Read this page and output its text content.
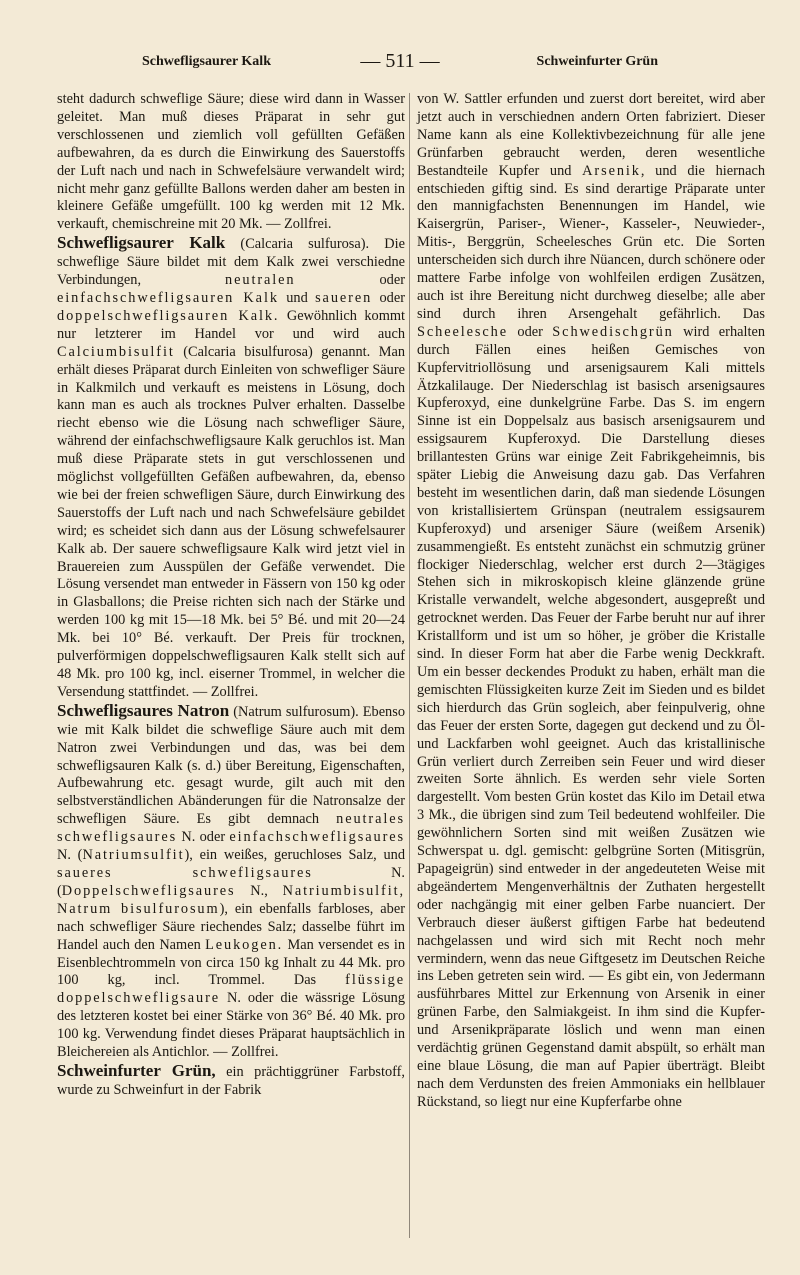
Schwefligsaurer Kalk	— 511 —	Schweinfurter Grün

steht dadurch schweflige Säure; diese wird dann in Wasser geleitet. Man muß dieses Präparat in sehr gut verschlossenen und ziemlich voll gefüllten Gefäßen aufbewahren, da es durch die Einwirkung des Sauerstoffs der Luft nach und nach in Schwefelsäure verwandelt wird; nicht mehr ganz gefüllte Ballons werden daher am besten in kleinere Gefäße umgefüllt. 100 kg werden mit 12 Mk. verkauft, chemischreine mit 20 Mk. — Zollfrei.

Schwefligsaurer Kalk (Calcaria sulfurosa). Die schweflige Säure bildet mit dem Kalk zwei verschiedne Verbindungen, neutralen oder einfachschwefligsauren Kalk und saueren oder doppelschwefligsauren Kalk. Gewöhnlich kommt nur letzterer im Handel vor und wird auch Calciumbisulfit (Calcaria bisulfurosa) genannt. Man erhält dieses Präparat durch Einleiten von schwefliger Säure in Kalkmilch und verkauft es meistens in Lösung, doch kann man es auch als trocknes Pulver erhalten. Dasselbe riecht ebenso wie die Lösung nach schwefliger Säure, während der einfachschwefligsaure Kalk geruchlos ist. Man muß diese Präparate stets in gut verschlossenen und möglichst vollgefüllten Gefäßen aufbewahren, da, ebenso wie bei der freien schwefligen Säure, durch Einwirkung des Sauerstoffs der Luft nach und nach Schwefelsäure gebildet wird; es scheidet sich dann aus der Lösung schwefelsaurer Kalk ab. Der sauere schwefligsaure Kalk wird jetzt viel in Brauereien zum Ausspülen der Gefäße verwendet. Die Lösung versendet man entweder in Fässern von 150 kg oder in Glasballons; die Preise richten sich nach der Stärke und werden 100 kg mit 15—18 Mk. bei 5° Bé. und mit 20—24 Mk. bei 10° Bé. verkauft. Der Preis für trocknen, pulverförmigen doppelschwefligsauren Kalk stellt sich auf 48 Mk. pro 100 kg, incl. eiserner Trommel, in welcher die Versendung stattfindet. — Zollfrei.

Schwefligsaures Natron (Natrum sulfurosum). Ebenso wie mit Kalk bildet die schweflige Säure auch mit dem Natron zwei Verbindungen und das, was bei dem schwefligsauren Kalk (s. d.) über Bereitung, Eigenschaften, Aufbewahrung etc. gesagt wurde, gilt auch mit den selbstverständlichen Abänderungen für die Natronsalze der schwefligen Säure. Es gibt demnach neutrales schwefligsaures N. oder einfachschwefligsaures N. (Natriumsulfit), ein weißes, geruchloses Salz, und saueres schwefligsaures N. (Doppelschwefligsaures N., Natriumbisulfit, Natrum bisulfurosum), ein ebenfalls farbloses, aber nach schwefliger Säure riechendes Salz; dasselbe führt im Handel auch den Namen Leukogen. Man versendet es in Eisenblechtrommeln von circa 150 kg Inhalt zu 44 Mk. pro 100 kg, incl. Trommel. Das flüssige doppelschwefligsaure N. oder die wässrige Lösung des letzteren kostet bei einer Stärke von 36° Bé. 40 Mk. pro 100 kg. Verwendung findet dieses Präparat hauptsächlich in Bleichereien als Antichlor. — Zollfrei.

Schweinfurter Grün, ein prächtiggrüner Farbstoff, wurde zu Schweinfurt in der Fabrik

von W. Sattler erfunden und zuerst dort bereitet, wird aber jetzt auch in verschiednen andern Orten fabriziert. Dieser Name kann als eine Kollektivbezeichnung für alle jene Grünfarben gebraucht werden, deren wesentliche Bestandteile Kupfer und Arsenik, und die hiernach entschieden giftig sind. Es sind derartige Präparate unter den mannigfachsten Benennungen im Handel, wie Kaisergrün, Pariser-, Wiener-, Kasseler-, Neuwieder-, Mitis-, Berggrün, Scheelesches Grün etc. Die Sorten unterscheiden sich durch ihre Nüancen, durch schönere oder mattere Farbe infolge von wohlfeilen erdigen Zusätzen, auch ist ihre Bereitung nicht durchweg dieselbe; alle aber sind durch ihren Arsengehalt gefährlich. Das Scheelesche oder Schwedischgrün wird erhalten durch Fällen eines heißen Gemisches von Kupfervitriollösung und arsenigsaurem Kali mittels Ätzkalilauge. Der Niederschlag ist basisch arsenigsaures Kupferoxyd, eine dunkelgrüne Farbe. Das S. im engern Sinne ist ein Doppelsalz aus basisch arsenigsaurem und essigsaurem Kupferoxyd. Die Darstellung dieses brillantesten Grüns war einige Zeit Fabrikgeheimnis, bis später Liebig die Anweisung dazu gab. Das Verfahren besteht im wesentlichen darin, daß man siedende Lösungen von kristallisiertem Grünspan (neutralem essigsaurem Kupferoxyd) und arseniger Säure (weißem Arsenik) zusammengießt. Es entsteht zunächst ein schmutzig grüner flockiger Niederschlag, welcher erst durch 2—3tägiges Stehen sich in mikroskopisch kleine glänzende grüne Kristalle verwandelt, welche abgesondert, ausgepreßt und getrocknet werden. Das Feuer der Farbe beruht nur auf ihrer Kristallform und ist um so höher, je gröber die Kristalle sind. In dieser Form hat aber die Farbe wenig Deckkraft. Um ein besser deckendes Produkt zu haben, erhält man die gemischten Flüssigkeiten kurze Zeit im Sieden und es bildet sich hierdurch das Grün sogleich, aber feinpulverig, ohne das Feuer der ersten Sorte, dagegen gut deckend und zu Öl- und Lackfarben wohl geeignet. Auch das kristallinische Grün verliert durch Zerreiben sein Feuer und wird dieser zweiten Sorte ähnlich. Es werden sehr viele Sorten dargestellt. Vom besten Grün kostet das Kilo im Detail etwa 3 Mk., die übrigen sind zum Teil bedeutend wohlfeiler. Die gewöhnlichern Sorten sind mit weißen Zusätzen wie Schwerspat u. dgl. gemischt: gelbgrüne Sorten (Mitisgrün, Papageigrün) sind entweder in der angedeuteten Weise mit abgeändertem Mengenverhältnis der Zuthaten hergestellt oder nachgängig mit einer gelben Farbe nuanciert. Der Verbrauch dieser äußerst giftigen Farbe hat bedeutend nachgelassen und wird sich mit Recht noch mehr vermindern, wenn das neue Giftgesetz im Deutschen Reiche ins Leben getreten sein wird. — Es gibt ein, von Jedermann ausführbares Mittel zur Erkennung von Arsenik in einer grünen Farbe, den Salmiakgeist. In ihm sind die Kupfer- und Arsenikpräparate löslich und wenn man einen verdächtig grünen Gegenstand damit abspült, so erhält man eine blaue Lösung, die man auf Papier überträgt. Bleibt nach dem Verdunsten des freien Ammoniaks ein hellblauer Rückstand, so liegt nur eine Kupferfarbe ohne
